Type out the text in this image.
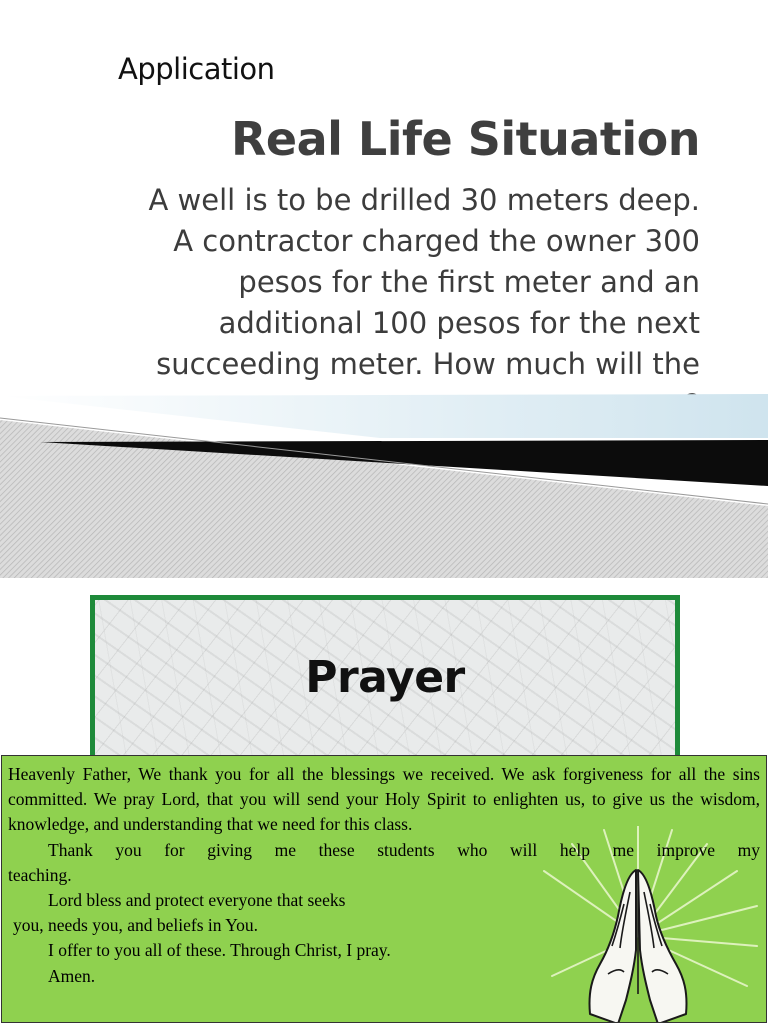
Application
Real Life Situation
A well is to be drilled 30 meters deep.
A contractor charged the owner 300
pesos for the first meter and an
additional 100 pesos for the next
succeeding meter. How much will the
Prayer
Heavenly Father, We thank you for all the blessings we received. We ask forgiveness for all the sins committed. We pray Lord, that you will send your Holy Spirit to enlighten us, to give us the wisdom, knowledge, and understanding that we need for this class.
Thank you for giving me these students who will help me improve my
teaching.
Lord bless and protect everyone that seeks
you, needs you, and beliefs in You.
I offer to you all of these. Through Christ, I pray.
Amen.
